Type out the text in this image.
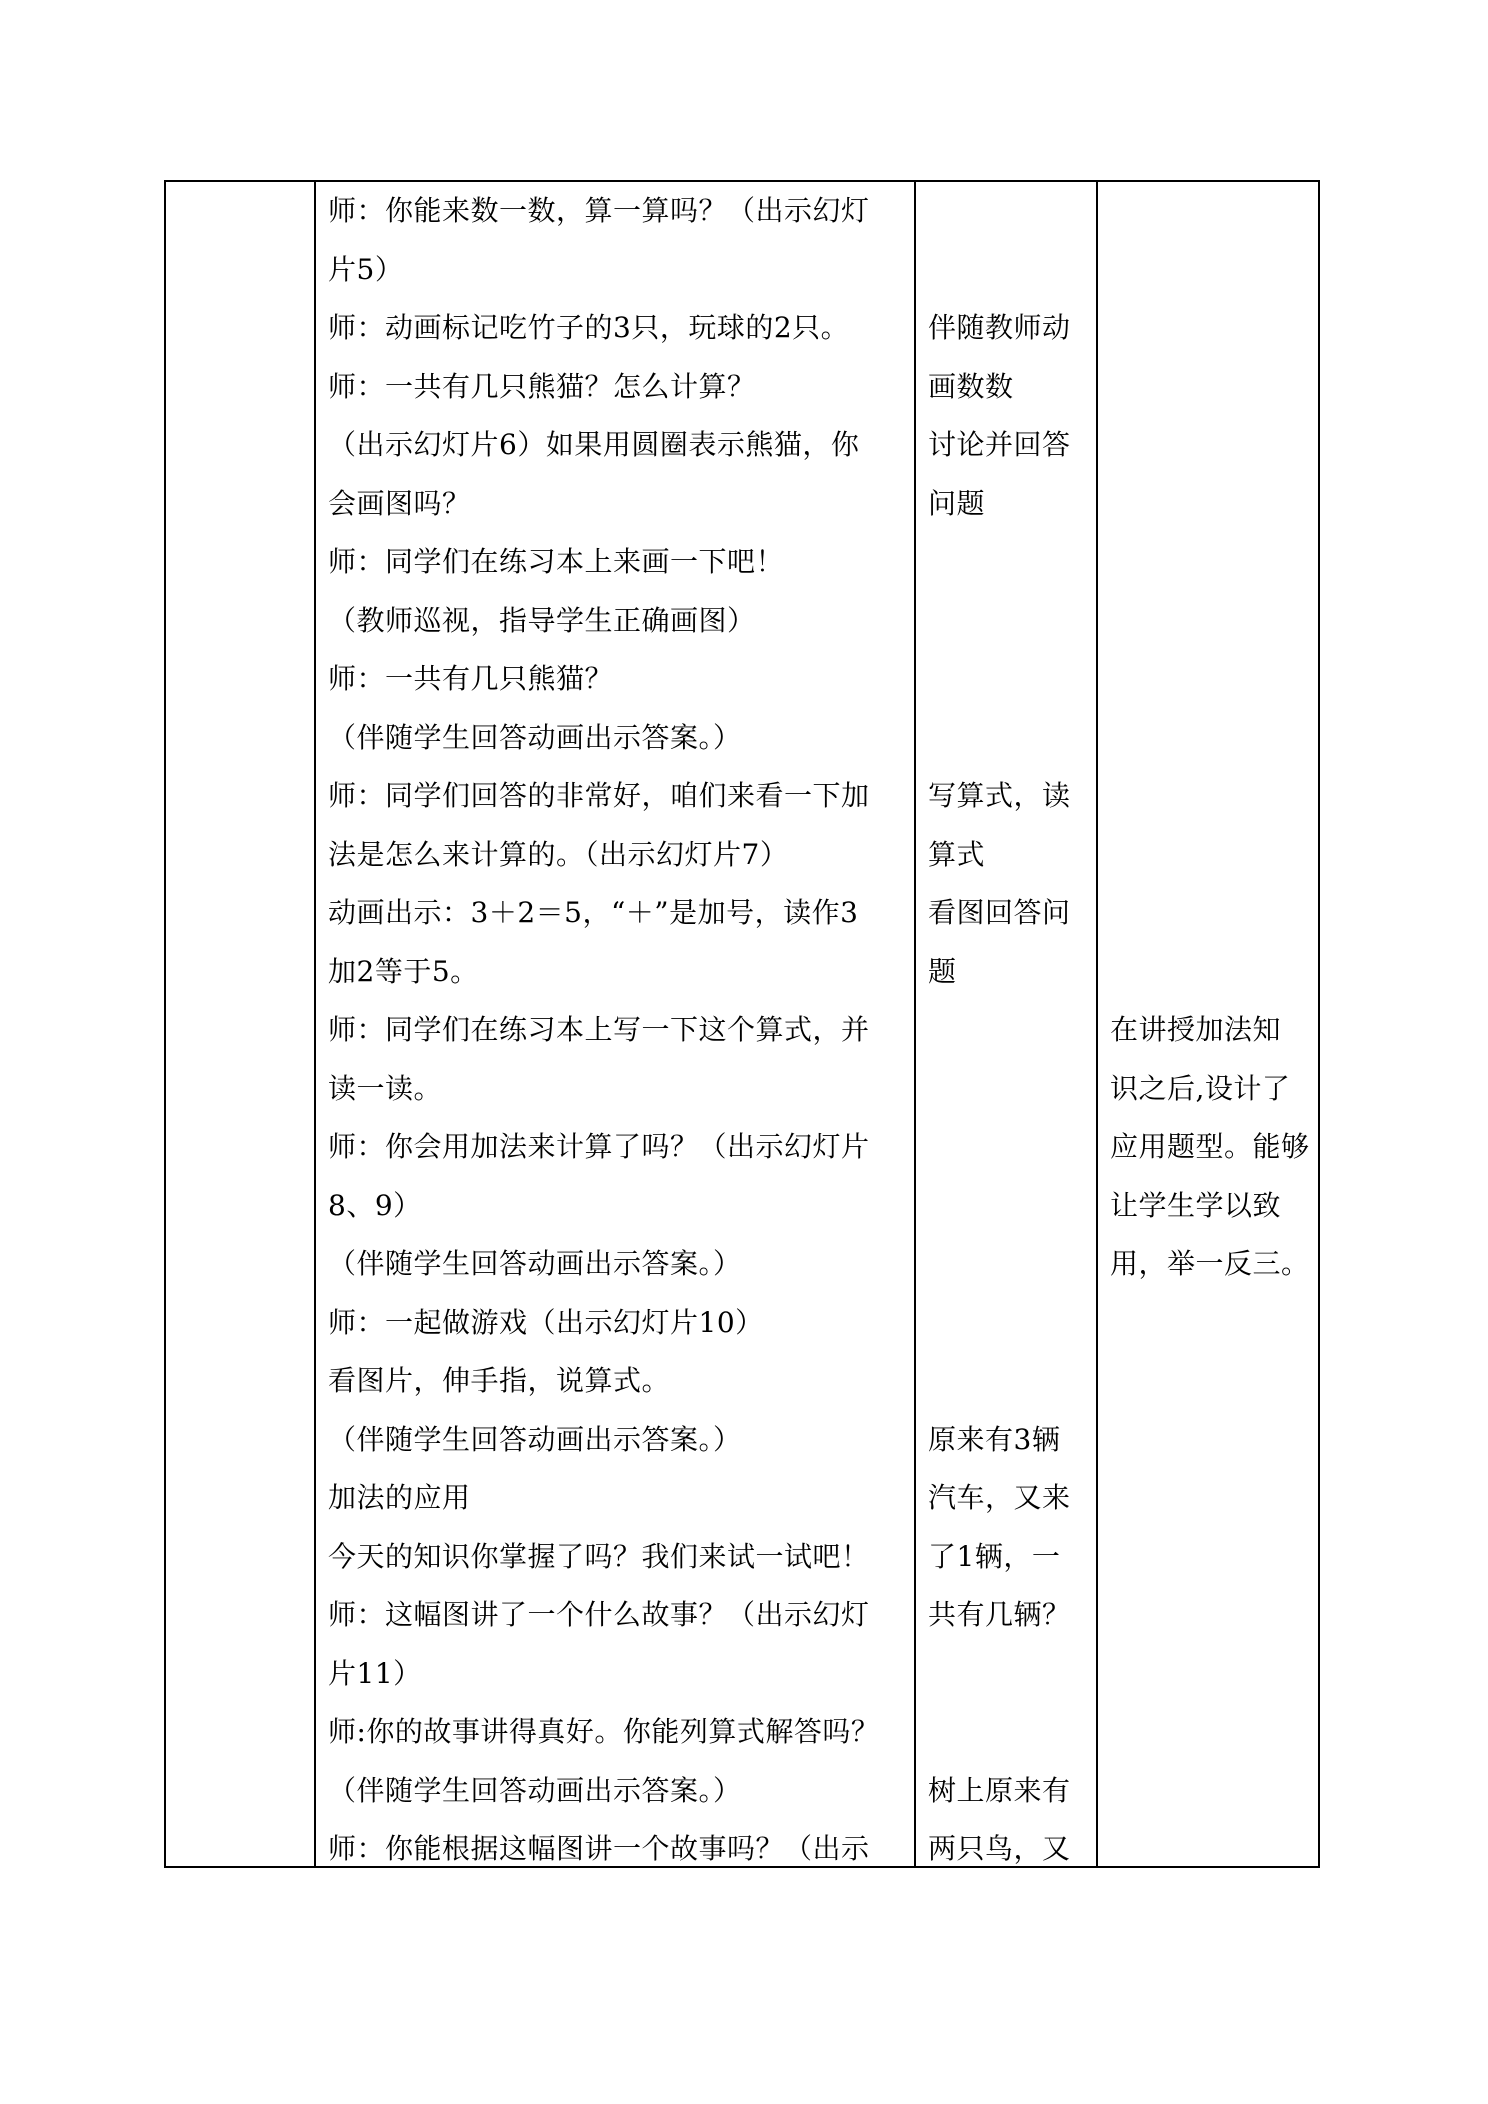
师：你能来数一数，算一算吗？（出示幻灯
片5）
师：动画标记吃竹子的3只，玩球的2只。
师：一共有几只熊猫？怎么计算？
（出示幻灯片6）如果用圆圈表示熊猫，你
会画图吗？
师：同学们在练习本上来画一下吧！
（教师巡视，指导学生正确画图）
师：一共有几只熊猫？
（伴随学生回答动画出示答案。）
师：同学们回答的非常好，咱们来看一下加
法是怎么来计算的。（出示幻灯片7）
动画出示：3＋2＝5，“＋”是加号，读作3
加2等于5。
师：同学们在练习本上写一下这个算式，并
读一读。
师：你会用加法来计算了吗？（出示幻灯片
8、9）
（伴随学生回答动画出示答案。）
师：一起做游戏（出示幻灯片10）
看图片，伸手指，说算式。
（伴随学生回答动画出示答案。）
加法的应用
今天的知识你掌握了吗？我们来试一试吧！
师：这幅图讲了一个什么故事？（出示幻灯
片11）
师:你的故事讲得真好。你能列算式解答吗？
（伴随学生回答动画出示答案。）
师：你能根据这幅图讲一个故事吗？（出示
伴随教师动
画数数
讨论并回答
问题
写算式，读
算式
看图回答问
题
原来有3辆
汽车，又来
了1辆，一
共有几辆？
树上原来有
两只鸟，又
在讲授加法知
识之后,设计了
应用题型。能够
让学生学以致
用，举一反三。
